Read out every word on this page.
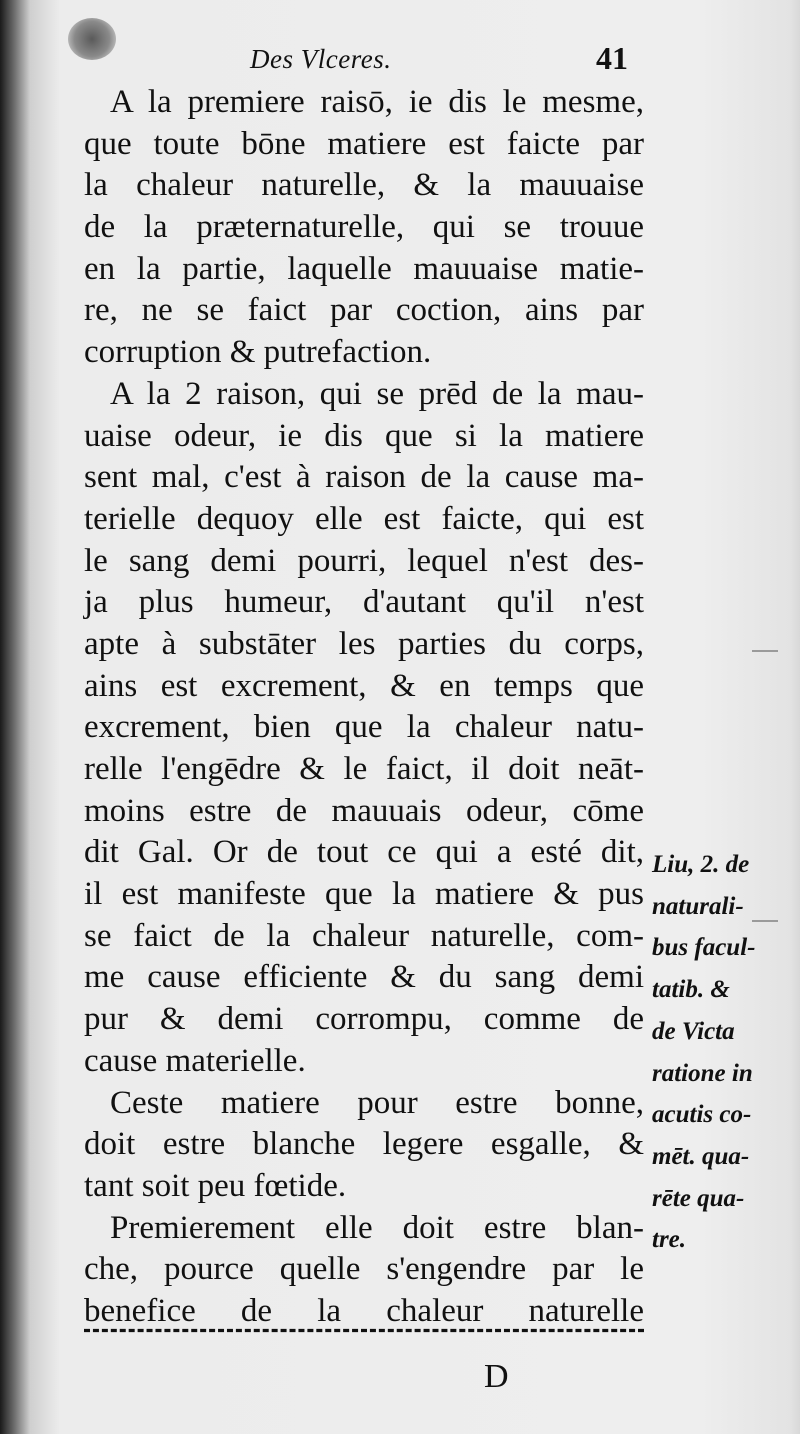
Des Vlceres.	41
A la premiere raisō, ie dis le mesme,
que toute bōne matiere est faicte par
la chaleur naturelle, & la mauuaise
de la præternaturelle, qui se trouue
en la partie, laquelle mauuaise matie-
re, ne se faict par coction, ains par
corruption & putrefaction.
A la 2 raison, qui se prēd de la mau-
uaise odeur, ie dis que si la matiere
sent mal, c'est à raison de la cause ma-
terielle dequoy elle est faicte, qui est
le sang demi pourri, lequel n'est des-
ja plus humeur, d'autant qu'il n'est
apte à substāter les parties du corps,
ains est excrement, & en temps que
excrement, bien que la chaleur natu-
relle l'engēdre & le faict, il doit neāt-
moins estre de mauuais odeur, cōme
dit Gal. Or de tout ce qui a esté dit,
il est manifeste que la matiere & pus
se faict de la chaleur naturelle, com-
me cause efficiente & du sang demi
pur & demi corrompu, comme de
cause materielle.
Ceste matiere pour estre bonne,
doit estre blanche legere esgalle, &
tant soit peu fœtide.
Premierement elle doit estre blan-
che, pource quelle s'engendre par le
benefice de la chaleur naturelle
Liu, 2. de
naturali-
bus facul-
tatib. &
de Victa
ratione in
acutis co-
mēt. qua-
rēte qua-
tre.
D
